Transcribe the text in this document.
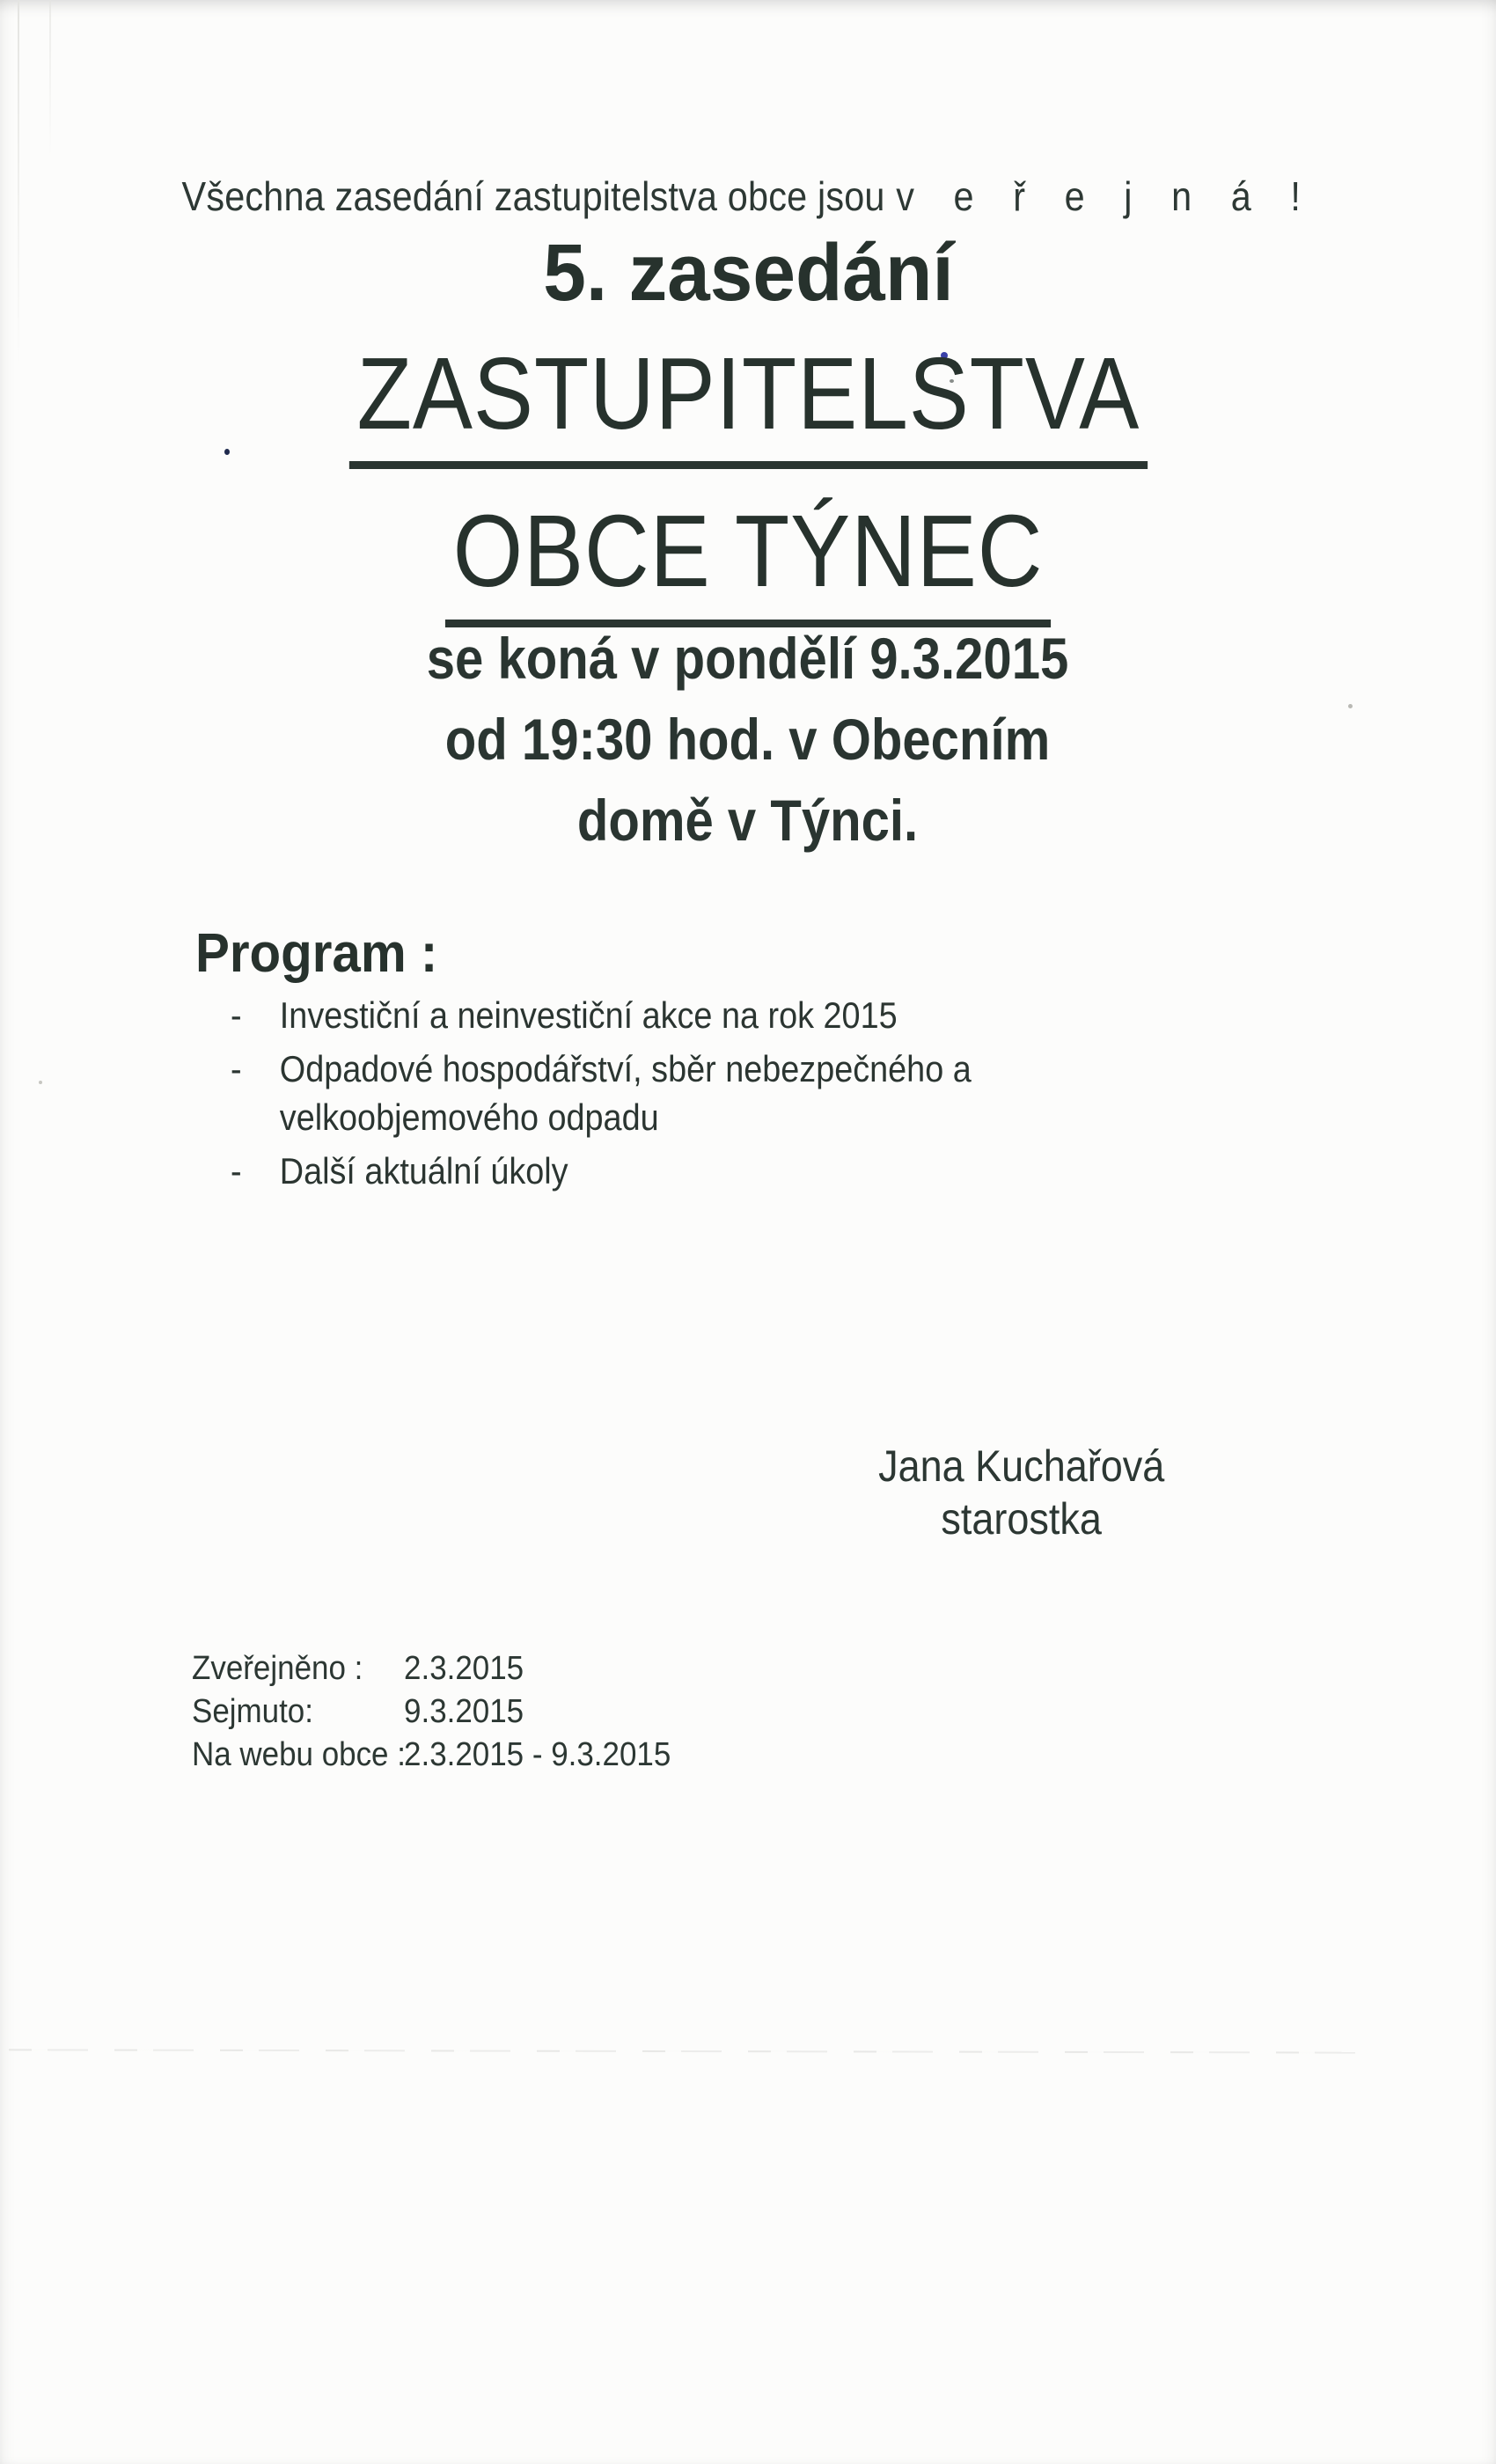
Všechna zasedání zastupitelstva obce jsou v e ř e j n á !
5. zasedání
ZASTUPITELSTVA
OBCE TÝNEC
se koná v pondělí 9.3.2015
od 19:30 hod. v Obecním
domě v Týnci.
Program :
-	Investiční a neinvestiční akce na rok 2015
-	Odpadové hospodářství, sběr nebezpečného a
velkoobjemového odpadu
-	Další aktuální úkoly
Jana Kuchařová
starostka
Zveřejněno :	2.3.2015
Sejmuto:	9.3.2015
Na webu obce :
2.3.2015 - 9.3.2015
